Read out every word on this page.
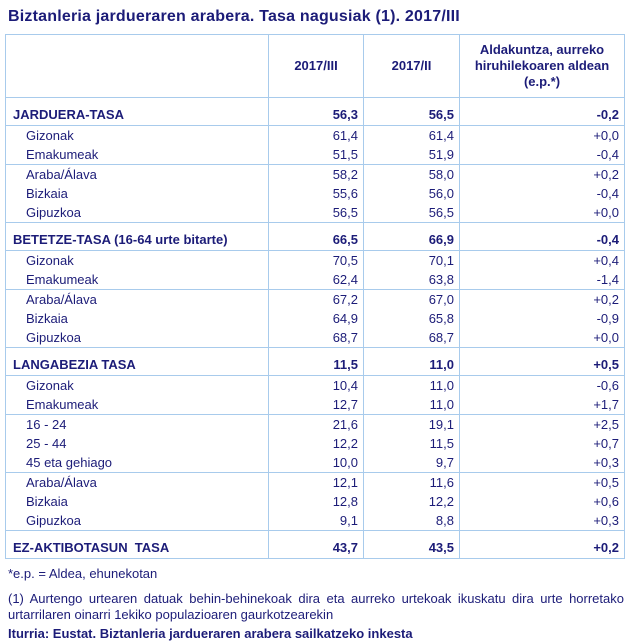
Biztanleria jardueraren arabera. Tasa nagusiak (1). 2017/III
	2017/III	2017/II	Aldakuntza, aurreko hiruhilekoaren aldean (e.p.*)
JARDUERA-TASA	56,3	56,5	-0,2
Gizonak	61,4	61,4	+0,0
Emakumeak	51,5	51,9	-0,4
Araba/Álava	58,2	58,0	+0,2
Bizkaia	55,6	56,0	-0,4
Gipuzkoa	56,5	56,5	+0,0
BETETZE-TASA (16-64 urte bitarte)	66,5	66,9	-0,4
Gizonak	70,5	70,1	+0,4
Emakumeak	62,4	63,8	-1,4
Araba/Álava	67,2	67,0	+0,2
Bizkaia	64,9	65,8	-0,9
Gipuzkoa	68,7	68,7	+0,0
LANGABEZIA TASA	11,5	11,0	+0,5
Gizonak	10,4	11,0	-0,6
Emakumeak	12,7	11,0	+1,7
16 - 24	21,6	19,1	+2,5
25 - 44	12,2	11,5	+0,7
45 eta gehiago	10,0	9,7	+0,3
Araba/Álava	12,1	11,6	+0,5
Bizkaia	12,8	12,2	+0,6
Gipuzkoa	9,1	8,8	+0,3
EZ-AKTIBOTASUN  TASA	43,7	43,5	+0,2

*e.p. = Aldea, ehunekotan

(1) Aurtengo urtearen datuak behin-behinekoak dira eta aurreko urtekoak ikuskatu dira urte horretako urtarrilaren oinarri 1ekiko populazioaren gaurkotzearekin

Iturria: Eustat. Biztanleria jardueraren arabera sailkatzeko inkesta
